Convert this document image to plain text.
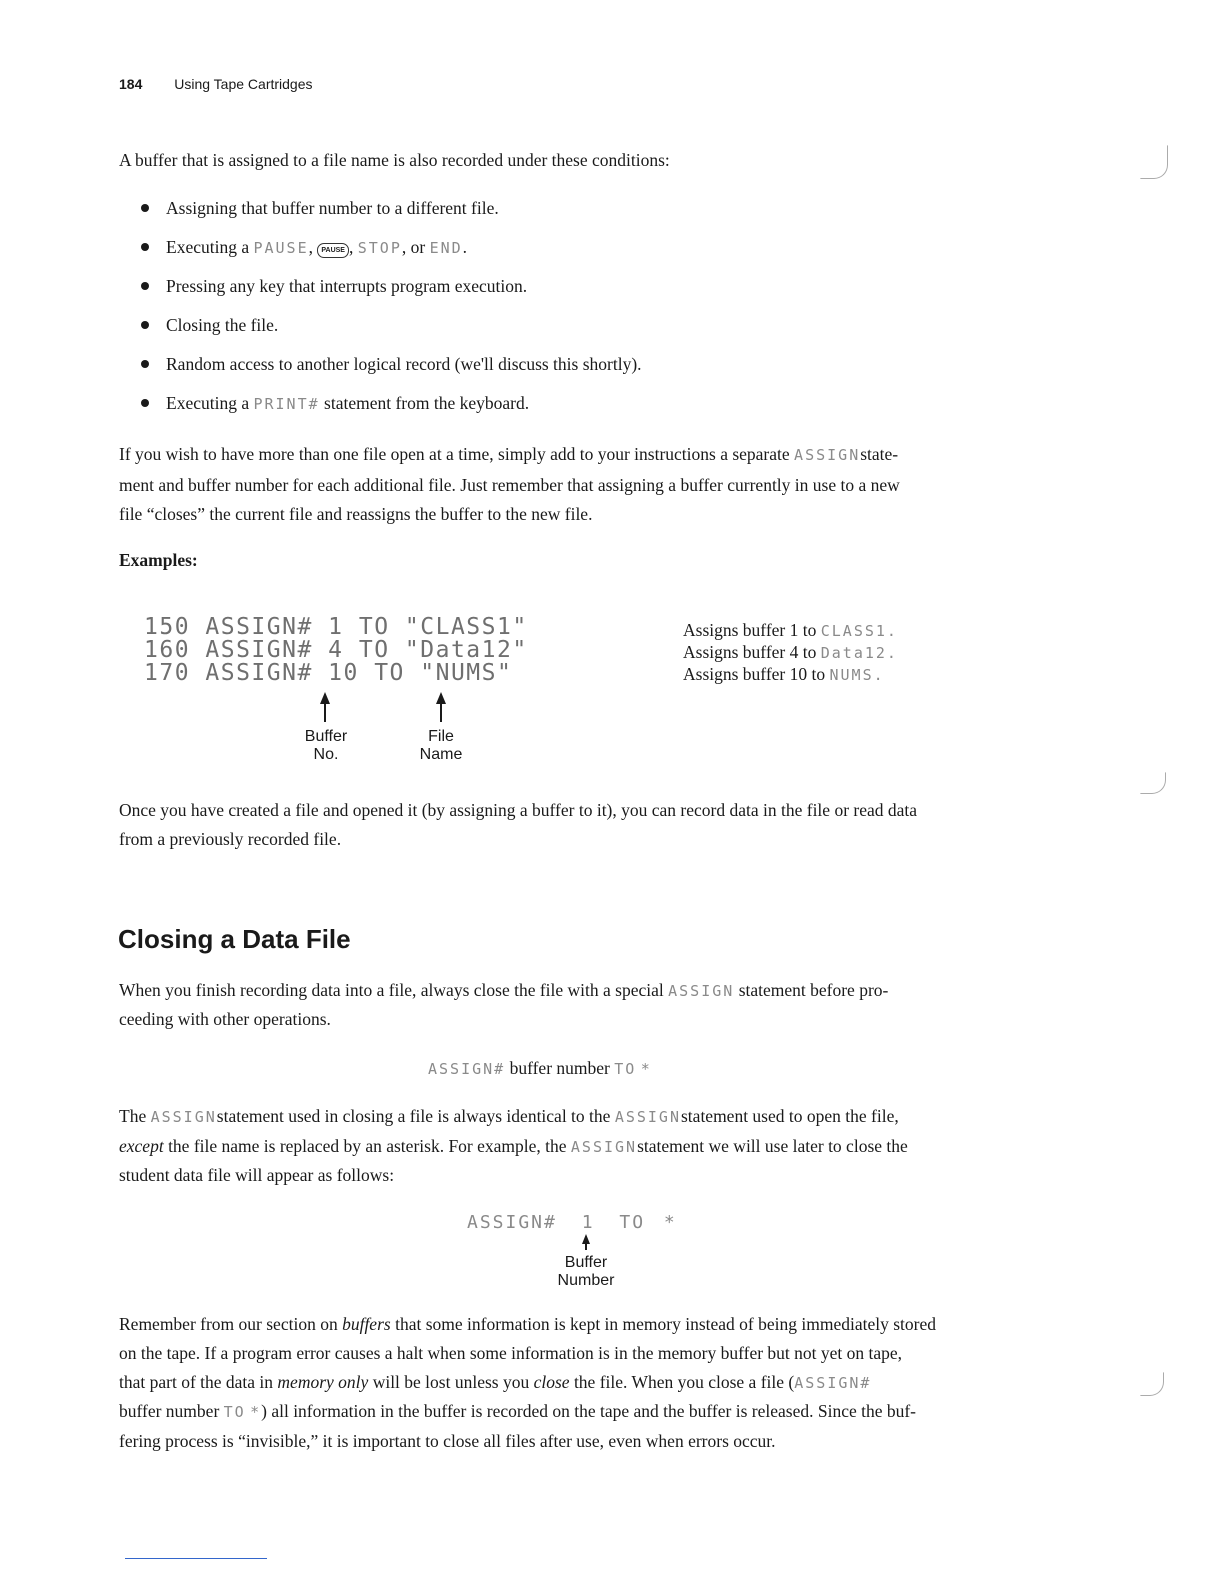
184 Using Tape Cartridges
A buffer that is assigned to a file name is also recorded under these conditions:
Assigning that buffer number to a different file.
Executing a PAUSE, PAUSE , STOP, or END.
Pressing any key that interrupts program execution.
Closing the file.
Random access to another logical record (we'll discuss this shortly).
Executing a PRINT# statement from the keyboard.
If you wish to have more than one file open at a time, simply add to your instructions a separate ASSIGNstate-
ment and buffer number for each additional file. Just remember that assigning a buffer currently in use to a new
file “closes” the current file and reassigns the buffer to the new file.
Examples:
150 ASSIGN# 1 TO "CLASS1"
160 ASSIGN# 4 TO "Data12"
170 ASSIGN# 10 TO "NUMS"
Assigns buffer 1 to CLASS1.
Assigns buffer 4 to Data12.
Assigns buffer 10 to NUMS.
Buffer
No.
File
Name
Once you have created a file and opened it (by assigning a buffer to it), you can record data in the file or read data
from a previously recorded file.
Closing a Data File
When you finish recording data into a file, always close the file with a special ASSIGN statement before pro-
ceeding with other operations.
ASSIGN# buffer number TO *
The ASSIGNstatement used in closing a file is always identical to the ASSIGNstatement used to open the file,
except the file name is replaced by an asterisk. For example, the ASSIGNstatement we will use later to close the
student data file will appear as follows:
ASSIGN# 1 TO *
Buffer
Number
Remember from our section on buffers that some information is kept in memory instead of being immediately stored
on the tape. If a program error causes a halt when some information is in the memory buffer but not yet on tape,
that part of the data in memory only will be lost unless you close the file. When you close a file (ASSIGN#
buffer number TO *) all information in the buffer is recorded on the tape and the buffer is released. Since the buf-
fering process is “invisible,” it is important to close all files after use, even when errors occur.
